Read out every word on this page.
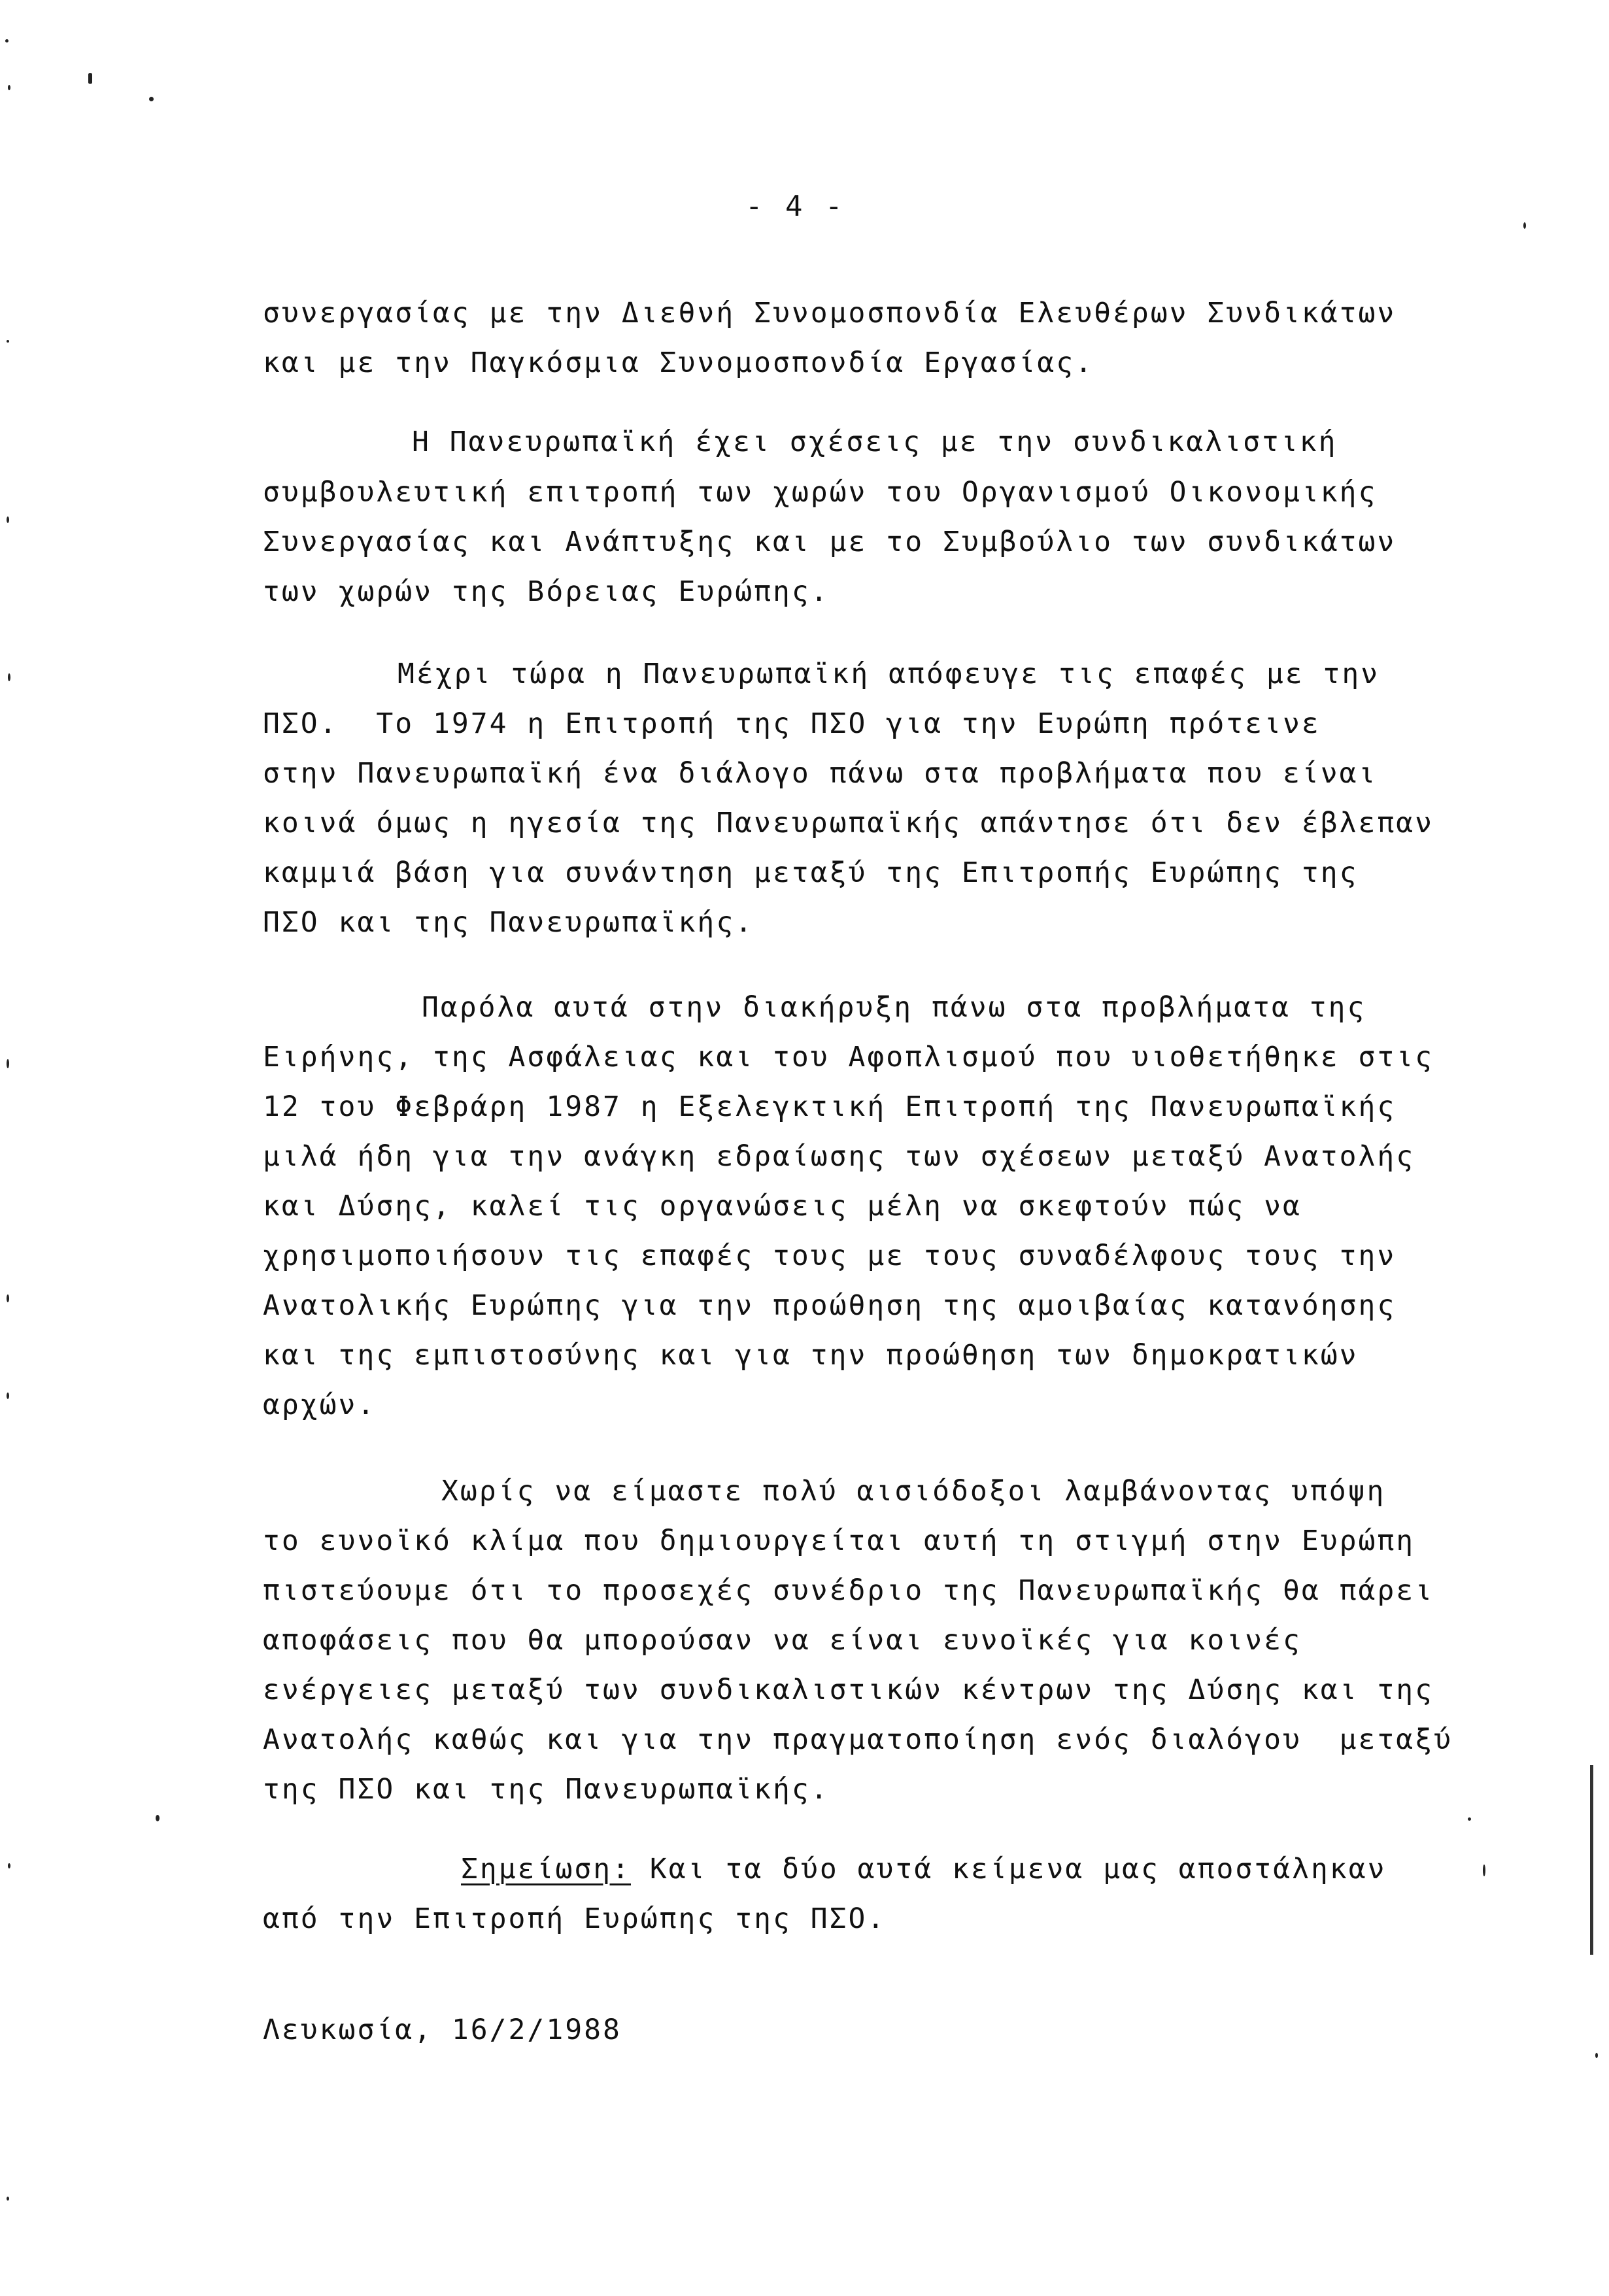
- 4 -
συνεργασίας με την Διεθνή Συνομοσπονδία Ελευθέρων Συνδικάτων
και με την Παγκόσμια Συνομοσπονδία Εργασίας.
Η Πανευρωπαϊκή έχει σχέσεις με την συνδικαλιστική
συμβουλευτική επιτροπή των χωρών του Οργανισμού Οικονομικής
Συνεργασίας και Ανάπτυξης και με το Συμβούλιο των συνδικάτων
των χωρών της Βόρειας Ευρώπης.
Μέχρι τώρα η Πανευρωπαϊκή απόφευγε τις επαφές με την
ΠΣΟ.  Το 1974 η Επιτροπή της ΠΣΟ για την Ευρώπη πρότεινε
στην Πανευρωπαϊκή ένα διάλογο πάνω στα προβλήματα που είναι
κοινά όμως η ηγεσία της Πανευρωπαϊκής απάντησε ότι δεν έβλεπαν
καμμιά βάση για συνάντηση μεταξύ της Επιτροπής Ευρώπης της
ΠΣΟ και της Πανευρωπαϊκής.
Παρόλα αυτά στην διακήρυξη πάνω στα προβλήματα της
Ειρήνης, της Ασφάλειας και του Αφοπλισμού που υιοθετήθηκε στις
12 του Φεβράρη 1987 η Εξελεγκτική Επιτροπή της Πανευρωπαϊκής
μιλά ήδη για την ανάγκη εδραίωσης των σχέσεων μεταξύ Ανατολής
και Δύσης, καλεί τις οργανώσεις μέλη να σκεφτούν πώς να
χρησιμοποιήσουν τις επαφές τους με τους συναδέλφους τους την
Ανατολικής Ευρώπης για την προώθηση της αμοιβαίας κατανόησης
και της εμπιστοσύνης και για την προώθηση των δημοκρατικών
αρχών.
Χωρίς να είμαστε πολύ αισιόδοξοι λαμβάνοντας υπόψη
το ευνοϊκό κλίμα που δημιουργείται αυτή τη στιγμή στην Ευρώπη
πιστεύουμε ότι το προσεχές συνέδριο της Πανευρωπαϊκής θα πάρει
αποφάσεις που θα μπορούσαν να είναι ευνοϊκές για κοινές
ενέργειες μεταξύ των συνδικαλιστικών κέντρων της Δύσης και της
Ανατολής καθώς και για την πραγματοποίηση ενός διαλόγου  μεταξύ
της ΠΣΟ και της Πανευρωπαϊκής.
Σημείωση: Και τα δύο αυτά κείμενα μας αποστάληκαν
από την Επιτροπή Ευρώπης της ΠΣΟ.
Λευκωσία, 16/2/1988
